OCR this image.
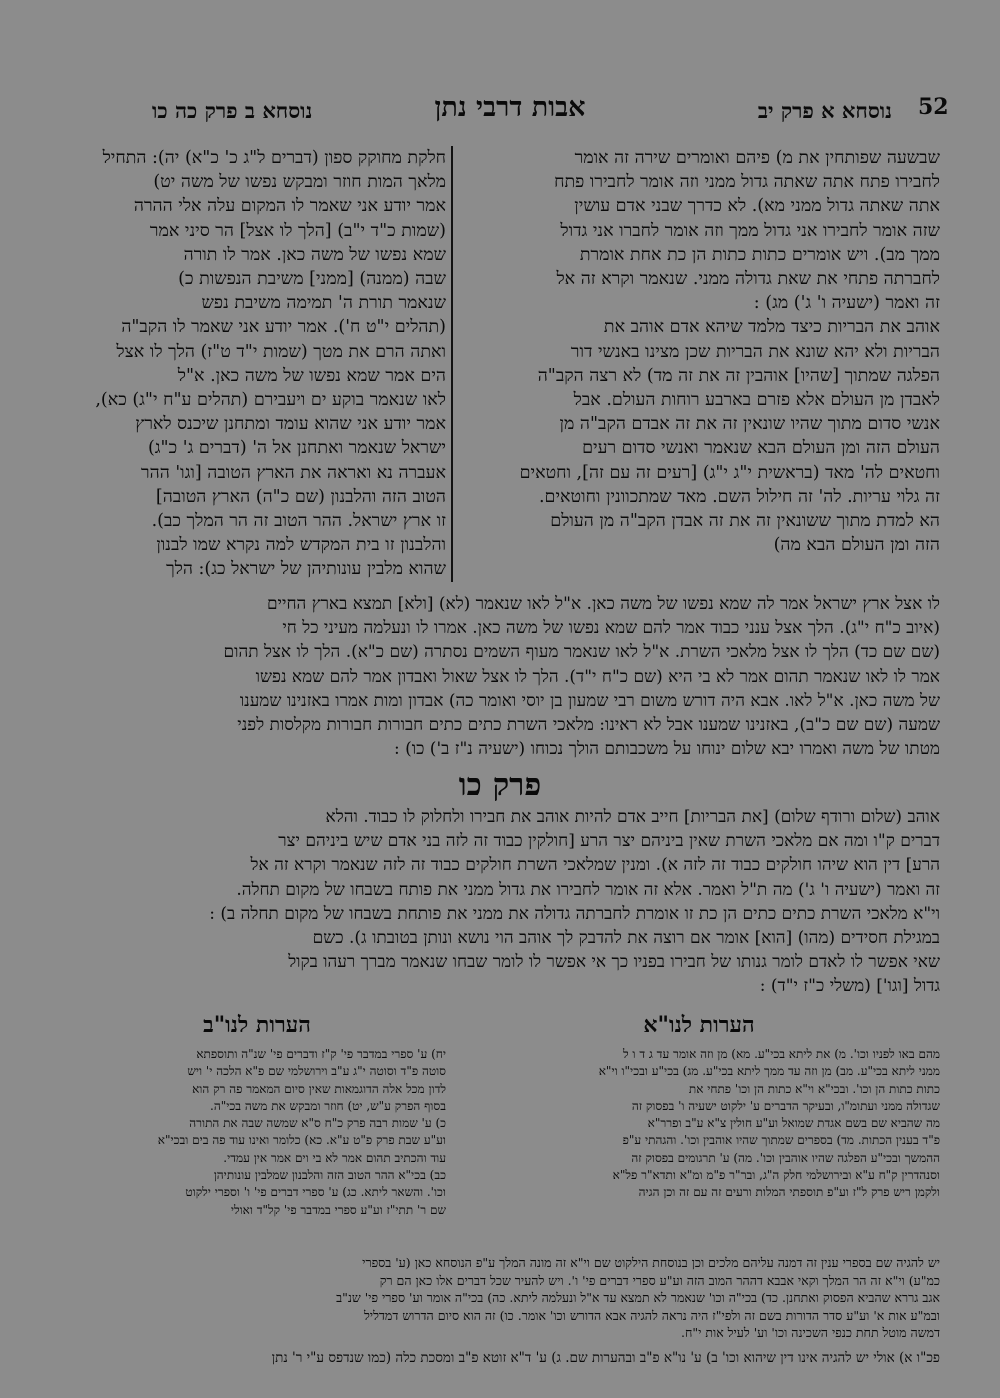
52
נוסחא א פרק יב
אבות דרבי נתן
נוסחא ב פרק כה כו
שבשעה שפותחין את מ) פיהם ואומרים שירה זה אומר
לחבירו פתח אתה שאתה גדול ממני וזה אומר לחבירו פתח
אתה שאתה גדול ממני מא). לא כדרך שבני אדם עושין
שזה אומר לחבירו אני גדול ממך וזה אומר לחברו אני גדול
ממך מב). ויש אומרים כתות כתות הן כת אחת אומרת
לחברתה פתחי את שאת גדולה ממני. שנאמר וקרא זה אל
זה ואמר (ישעיה ו' ג') מג) :
אוהב את הבריות כיצד מלמד שיהא אדם אוהב את
הבריות ולא יהא שונא את הבריות שכן מצינו באנשי דור
הפלגה שמתוך [שהיו] אוהבין זה את זה מד) לא רצה הקב"ה
לאבדן מן העולם אלא פזרם בארבע רוחות העולם. אבל
אנשי סדום מתוך שהיו שונאין זה את זה אבדם הקב"ה מן
העולם הזה ומן העולם הבא שנאמר ואנשי סדום רעים
וחטאים לה' מאד (בראשית י"ג י"ג) [רעים זה עם זה], וחטאים
זה גלוי עריות. לה' זה חילול השם. מאד שמתכוונין וחוטאים.
הא למדת מתוך ששונאין זה את זה אבדן הקב"ה מן העולם
הזה ומן העולם הבא מה)
חלקת מחוקק ספון (דברים ל"ג כ' כ"א) יה): התחיל
מלאך המות חוזר ומבקש נפשו של משה יט)
אמר יודע אני שאמר לו המקום עלה אלי ההרה
(שמות כ"ד י"ב) [הלך לו אצל] הר סיני אמר
שמא נפשו של משה כאן. אמר לו תורה
שבה (ממנה) [ממני] משיבת הנפשות כ)
שנאמר תורת ה' תמימה משיבת נפש
(תהלים י"ט ח'). אמר יודע אני שאמר לו הקב"ה
ואתה הרם את מטך (שמות י"ד ט"ז) הלך לו אצל
הים אמר שמא נפשו של משה כאן. א"ל
לאו שנאמר בוקע ים ויעבירם (תהלים ע"ח י"ג) כא),
אמר יודע אני שהוא עומד ומתחנן שיכנס לארץ
ישראל שנאמר ואתחנן אל ה' (דברים ג' כ"ג)
אעברה נא ואראה את הארץ הטובה [וגו' ההר
הטוב הזה והלבנון (שם כ"ה) הארץ הטובה]
זו ארץ ישראל. ההר הטוב זה הר המלך כב).
והלבנון זו בית המקדש למה נקרא שמו לבנון
שהוא מלבין עונותיהן של ישראל כג): הלך
לו אצל ארץ ישראל אמר לה שמא נפשו של משה כאן. א"ל לאו שנאמר (לא) [ולא] תמצא בארץ החיים
(איוב כ"ח י"ג). הלך אצל ענני כבוד אמר להם שמא נפשו של משה כאן. אמרו לו ונעלמה מעיני כל חי
(שם שם כד) הלך לו אצל מלאכי השרת. א"ל לאו שנאמר מעוף השמים נסתרה (שם כ"א). הלך לו אצל תהום
אמר לו לאו שנאמר תהום אמר לא בי היא (שם כ"ח י"ד). הלך לו אצל שאול ואבדון אמר להם שמא נפשו
של משה כאן. א"ל לאו. אבא היה דורש משום רבי שמעון בן יוסי ואומר כה) אבדון ומות אמרו באזנינו שמענו
שמעה (שם שם כ"ב), באזנינו שמענו אבל לא ראינו: מלאכי השרת כתים כתים חבורות חבורות מקלסות לפני
מטתו של משה ואמרו יבא שלום ינוחו על משכבותם הולך נכוחו (ישעיה נ"ז ב') כו) :
פרק כו
אוהב (שלום ורודף שלום) [את הבריות] חייב אדם להיות אוהב את חבירו ולחלוק לו כבוד. והלא
דברים ק"ו ומה אם מלאכי השרת שאין ביניהם יצר הרע [חולקין כבוד זה לזה בני אדם שיש ביניהם יצר
הרע] דין הוא שיהו חולקים כבוד זה לזה א). ומנין שמלאכי השרת חולקים כבוד זה לזה שנאמר וקרא זה אל
זה ואמר (ישעיה ו' ג') מה ת"ל ואמר. אלא זה אומר לחבירו את גדול ממני את פותח בשבחו של מקום תחלה.
וי"א מלאכי השרת כתים כתים הן כת זו אומרת לחברתה גדולה את ממני את פותחת בשבחו של מקום תחלה ב) :
במגילת חסידים (מהו) [הוא] אומר אם רוצה את להדבק לך אוהב הוי נושא ונותן בטובתו ג). כשם
שאי אפשר לו לאדם לומר גנותו של חבירו בפניו כך אי אפשר לו לומר שבחו שנאמר מברך רעהו בקול
גדול [וגו'] (משלי כ"ז י"ד) :
הערות לנו"א
הערות לנו"ב
מהם באו לפניו וכו'. מ) את ליתא בכי"ע. מא) מן וזה אומר עד ג ד ו ל
ממני ליתא בכי"ע. מב) מן וזה עד ממך ליתא בכי"ע. מג) בכי"ע ובכי"ו וי"א
כתות כתות הן וכו'. ובכי"א וי"א כתות הן וכו' פתחי את
שגדולה ממני ועתומ"ו, ובעיקר הדברים ע' ילקוט ישעיה ו' בפסוק זה
מה שהביא שם בשם אגדת שמואל וע"ע חולין צ"א ע"ב ופרר"א
פ"ד בענין הכתות. מד) בספרים שמתוך שהיו אוהבין וכו'. והגהתי ע"פ
ההמשך ובכי"ע הפלגה שהיו אוהבין וכו'. מה) ע' תרגומים בפסוק זה
וסנהדרין ק"ח ע"א ובירושלמי חלק ה"ג, ובר"ר פ"מ ומ"א ותדא"ר פל"א
ולקמן ריש פרק ל"ז וע"פ תוספתי המלות ורעים זה עם זה וכן הגיה
יח) ע' ספרי במדבר פי' ק"ז ודברים פי' שנ"ה ותוספתא
סוטה פ"ד וסוטה י"ג ע"ב וירושלמי שם פ"א הלכה י' ויש
לדון מכל אלה הדוגמאות שאין סיום המאמר פה רק הוא
בסוף הפרק ע"ש, יט) חוזר ומבקש את משה בכי"ה.
כ) ע' שמות רבה פרק כ"ח ס"א שמשה שבה את התורה
וע"ע שבת פרק פ"ט ע"א. כא) כלומר ואינו עוד פה בים ובכי"א
עוד והכתיב תהום אמר לא בי וים אמר אין עמדי.
כב) בכי"א ההר הטוב הזה והלבנון שמלבין עונותיהן
וכו'. והשאר ליתא. כג) ע' ספרי דברים פי' ו' וספרי ילקוט
שם ר' תתי"ז וע"ע ספרי במדבר פי' קל"ד ואולי
יש להגיה שם בספרי ענין זה דמנה עליהם מלכים וכן בנוסחת הילקוט שם וי"א זה מונה המלך ע"פ הנוסחא כאן (ע' בספרי
כמ"ע) וי"א זה הר המלך וקאי אבבא דההר המוב הזה וע"ע ספרי דברים פי' ו'. ויש להעיר שכל דברים אלו כאן הם רק
אגב גררא שהביא הפסוק ואתחנן. כד) בכי"ה וכו' שנאמר לא תמצא עד א"ל ונעלמה ליתא. כה) בכי"ה אומר וע' ספרי פי' שנ"ב
ובמ"ע אות א' וע"ע סדר הדורות בשם זה ולפי"ז היה נראה להגיה אבא הדורש וכו' אומר. כו) זה הוא סיום הדרוש דמדליל
דמשה מוטל תחת כנפי השכינה וכו' וע' לעיל אות י"ח.
פכ"ו א) אולי יש להגיה אינו דין שיהוא וכו' ב) ע' נו"א פ"ב ובהערות שם. ג) ע' ד"א זוטא פ"ב ומסכת כלה (כמו שנדפס ע"י ר' נתן
